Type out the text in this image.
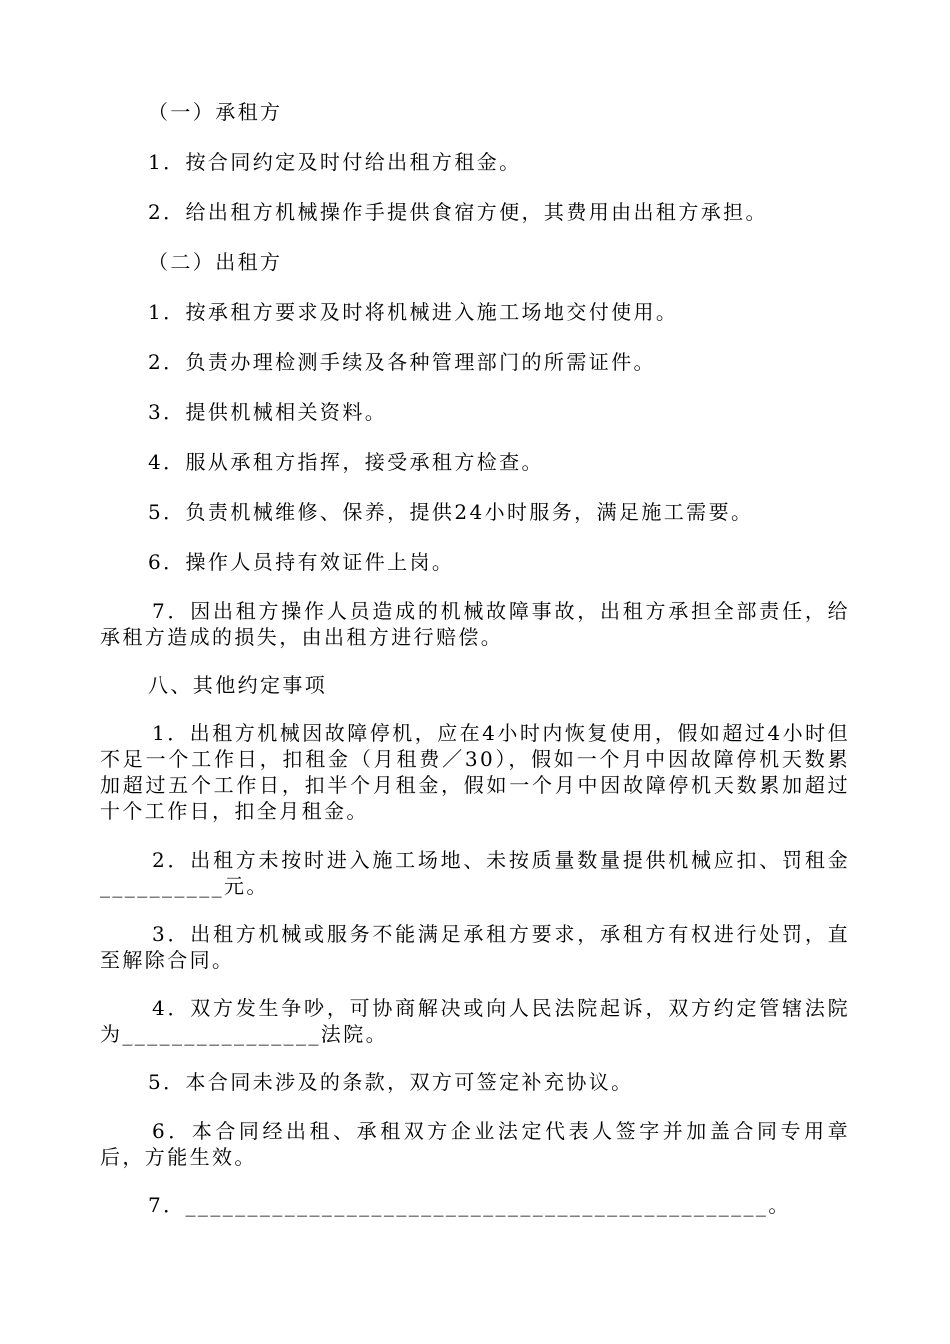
（一）承租方

1．按合同约定及时付给出租方租金。

2．给出租方机械操作手提供食宿方便，其费用由出租方承担。

（二）出租方

1．按承租方要求及时将机械进入施工场地交付使用。

2．负责办理检测手续及各种管理部门的所需证件。

3．提供机械相关资料。

4．服从承租方指挥，接受承租方检查。

5．负责机械维修、保养，提供24小时服务，满足施工需要。

6．操作人员持有效证件上岗。

7．因出租方操作人员造成的机械故障事故，出租方承担全部责任，给承租方造成的损失，由出租方进行赔偿。

八、其他约定事项

1．出租方机械因故障停机，应在4小时内恢复使用，假如超过4小时但不足一个工作日，扣租金（月租费／30），假如一个月中因故障停机天数累加超过五个工作日，扣半个月租金，假如一个月中因故障停机天数累加超过十个工作日，扣全月租金。

2．出租方未按时进入施工场地、未按质量数量提供机械应扣、罚租金__________元。

3．出租方机械或服务不能满足承租方要求，承租方有权进行处罚，直至解除合同。

4．双方发生争吵，可协商解决或向人民法院起诉，双方约定管辖法院为________________法院。

5．本合同未涉及的条款，双方可签定补充协议。

6．本合同经出租、承租双方企业法定代表人签字并加盖合同专用章后，方能生效。

7．_______________________________________________。
